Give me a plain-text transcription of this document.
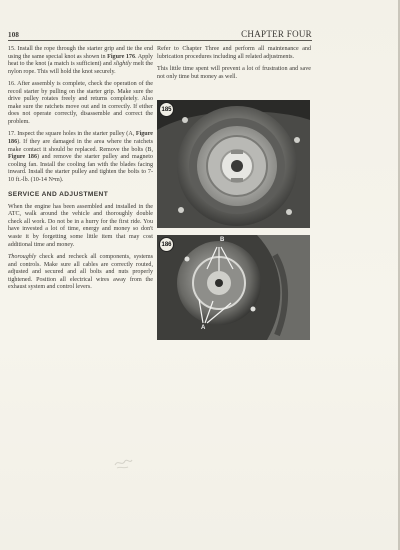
108	CHAPTER FOUR

15. Install the rope through the starter grip and tie the end using the same special knot as shown in Figure 176. Apply heat to the knot (a match is sufficient) and slightly melt the nylon rope. This will hold the knot securely.

16. After assembly is complete, check the operation of the recoil starter by pulling on the starter grip. Make sure the drive pulley rotates freely and returns completely. Also make sure the ratchets move out and in correctly. If either does not operate correctly, disassemble and correct the problem.

17. Inspect the square holes in the starter pulley (A, Figure 186). If they are damaged in the area where the ratchets make contact it should be replaced. Remove the bolts (B, Figure 186) and remove the starter pulley and magneto cooling fan. Install the cooling fan with the blades facing inward. Install the starter pulley and tighten the bolts to 7-10 ft.-lb. (10-14 N•m).

SERVICE AND ADJUSTMENT

When the engine has been assembled and installed in the ATC, walk around the vehicle and thoroughly double check all work. Do not be in a hurry for the first ride. You have invested a lot of time, energy and money so don't waste it by forgetting some little item that may cost additional time and money.

Thoroughly check and recheck all components, systems and controls. Make sure all cables are correctly routed, adjusted and secured and all bolts and nuts properly tightened. Position all electrical wires away from the exhaust system and control levers.

Refer to Chapter Three and perform all maintenance and lubrication procedures including all related adjustments.

This little time spent will prevent a lot of frustration and save not only time but money as well.

185
186
B
A
